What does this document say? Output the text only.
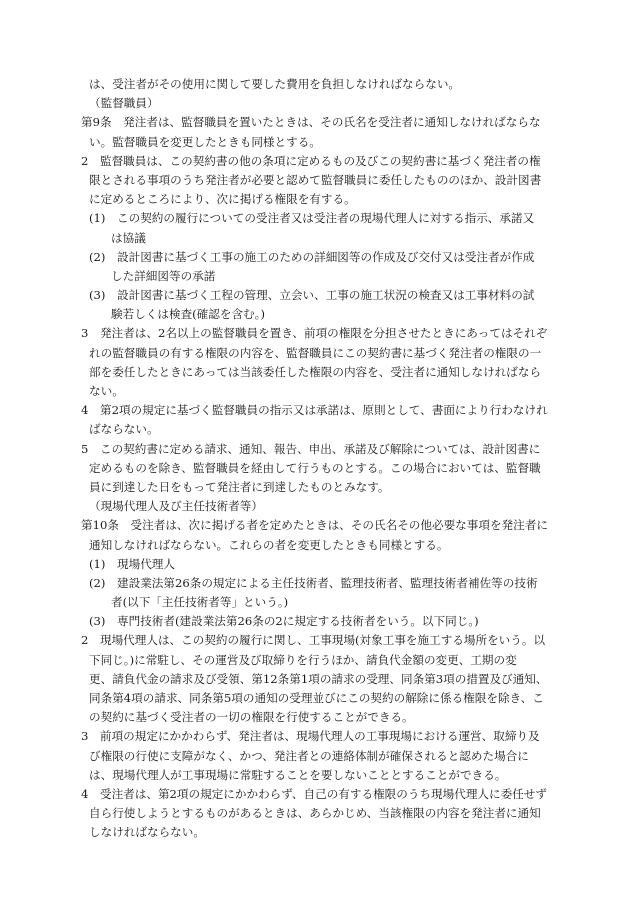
は、受注者がその使用に関して要した費用を負担しなければならない。
（監督職員）
第9条　発注者は、監督職員を置いたときは、その氏名を受注者に通知しなければならな
い。監督職員を変更したときも同様とする。
2　監督職員は、この契約書の他の条項に定めるもの及びこの契約書に基づく発注者の権
限とされる事項のうち発注者が必要と認めて監督職員に委任したもののほか、設計図書
に定めるところにより、次に掲げる権限を有する。
(1)　この契約の履行についての受注者又は受注者の現場代理人に対する指示、承諾又
は協議
(2)　設計図書に基づく工事の施工のための詳細図等の作成及び交付又は受注者が作成
した詳細図等の承諾
(3)　設計図書に基づく工程の管理、立会い、工事の施工状況の検査又は工事材料の試
験若しくは検査(確認を含む。)
3　発注者は、2名以上の監督職員を置き、前項の権限を分担させたときにあってはそれぞ
れの監督職員の有する権限の内容を、監督職員にこの契約書に基づく発注者の権限の一
部を委任したときにあっては当該委任した権限の内容を、受注者に通知しなければなら
ない。
4　第2項の規定に基づく監督職員の指示又は承諾は、原則として、書面により行わなけれ
ばならない。
5　この契約書に定める請求、通知、報告、申出、承諾及び解除については、設計図書に
定めるものを除き、監督職員を経由して行うものとする。この場合においては、監督職
員に到達した日をもって発注者に到達したものとみなす。
（現場代理人及び主任技術者等）
第10条　受注者は、次に掲げる者を定めたときは、その氏名その他必要な事項を発注者に
通知しなければならない。これらの者を変更したときも同様とする。
(1)　現場代理人
(2)　建設業法第26条の規定による主任技術者、監理技術者、監理技術者補佐等の技術
者(以下「主任技術者等」という。)
(3)　専門技術者(建設業法第26条の2に規定する技術者をいう。以下同じ。)
2　現場代理人は、この契約の履行に関し、工事現場(対象工事を施工する場所をいう。以
下同じ。)に常駐し、その運営及び取締りを行うほか、請負代金額の変更、工期の変
更、請負代金の請求及び受領、第12条第1項の請求の受理、同条第3項の措置及び通知、
同条第4項の請求、同条第5項の通知の受理並びにこの契約の解除に係る権限を除き、こ
の契約に基づく受注者の一切の権限を行使することができる。
3　前項の規定にかかわらず、発注者は、現場代理人の工事現場における運営、取締り及
び権限の行使に支障がなく、かつ、発注者との連絡体制が確保されると認めた場合に
は、現場代理人が工事現場に常駐することを要しないこととすることができる。
4　受注者は、第2項の規定にかかわらず、自己の有する権限のうち現場代理人に委任せず
自ら行使しようとするものがあるときは、あらかじめ、当該権限の内容を発注者に通知
しなければならない。
